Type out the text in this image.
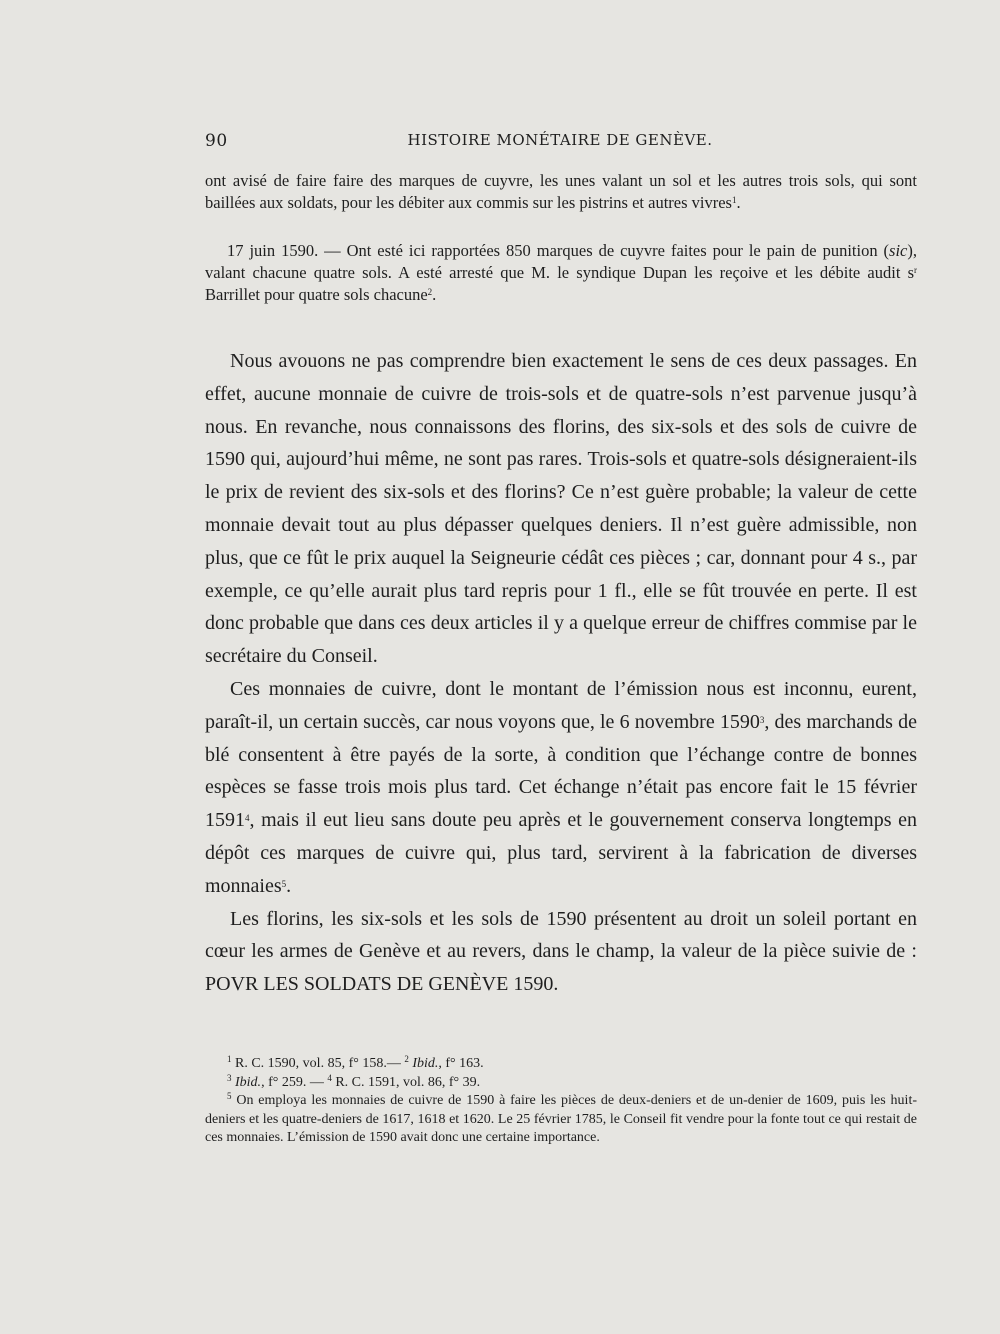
90	HISTOIRE MONÉTAIRE DE GENÈVE.

ont avisé de faire faire des marques de cuyvre, les unes valant un sol et les autres trois sols, qui sont baillées aux soldats, pour les débiter aux commis sur les pistrins et autres vivres$^1$.

17 juin 1590. — Ont esté ici rapportées 850 marques de cuyvre faites pour le pain de punition (sic), valant chacune quatre sols. A esté arresté que M. le syndique Dupan les reçoive et les débite audit $s^r$ Barrillet pour quatre sols chacune$^2$.

Nous avouons ne pas comprendre bien exactement le sens de ces deux passages. En effet, aucune monnaie de cuivre de trois-sols et de quatre-sols n’est parvenue jusqu’à nous. En revanche, nous connaissons des florins, des six-sols et des sols de cuivre de 1590 qui, aujourd’hui même, ne sont pas rares. Trois-sols et quatre-sols désigneraient-ils le prix de revient des six-sols et des florins? Ce n’est guère probable; la valeur de cette monnaie devait tout au plus dépasser quelques deniers. Il n’est guère admissible, non plus, que ce fût le prix auquel la Seigneurie cédât ces pièces ; car, donnant pour 4 s., par exemple, ce qu’elle aurait plus tard repris pour 1 fl., elle se fût trouvée en perte. Il est donc probable que dans ces deux articles il y a quelque erreur de chiffres commise par le secrétaire du Conseil.

Ces monnaies de cuivre, dont le montant de l’émission nous est inconnu, eurent, paraît-il, un certain succès, car nous voyons que, le 6 novembre 1590$^3$, des marchands de blé consentent à être payés de la sorte, à condition que l’échange contre de bonnes espèces se fasse trois mois plus tard. Cet échange n’était pas encore fait le 15 février 1591$^4$, mais il eut lieu sans doute peu après et le gouvernement conserva longtemps en dépôt ces marques de cuivre qui, plus tard, servirent à la fabrication de diverses monnaies$^5$.

Les florins, les six-sols et les sols de 1590 présentent au droit un soleil portant en cœur les armes de Genève et au revers, dans le champ, la valeur de la pièce suivie de : POVR LES SOLDATS DE GENÈVE 1590.

$^1$ R. C. 1590, vol. 85, f° 158.— $^2$ Ibid., f° 163.

$^3$ Ibid., f° 259. — $^4$ R. C. 1591, vol. 86, f° 39.

$^5$ On employa les monnaies de cuivre de 1590 à faire les pièces de deux-deniers et de un-denier de 1609, puis les huit-deniers et les quatre-deniers de 1617, 1618 et 1620. Le 25 février 1785, le Conseil fit vendre pour la fonte tout ce qui restait de ces monnaies. L’émission de 1590 avait donc une certaine importance.
